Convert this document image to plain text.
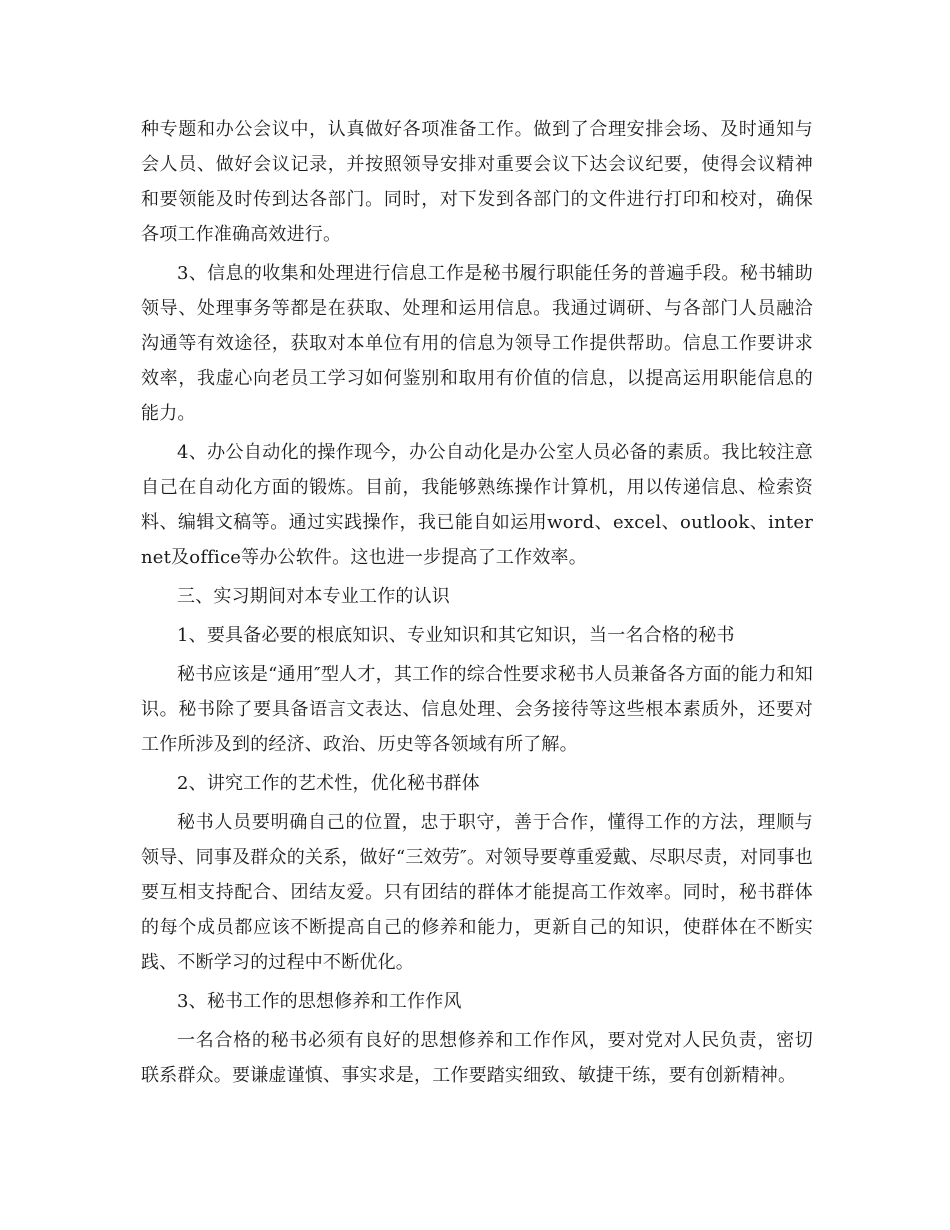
种专题和办公会议中，认真做好各项准备工作。做到了合理安排会场、及时通知与会人员、做好会议记录，并按照领导安排对重要会议下达会议纪要，使得会议精神和要领能及时传到达各部门。同时，对下发到各部门的文件进行打印和校对，确保各项工作准确高效进行。

3、信息的收集和处理进行信息工作是秘书履行职能任务的普遍手段。秘书辅助领导、处理事务等都是在获取、处理和运用信息。我通过调研、与各部门人员融洽沟通等有效途径，获取对本单位有用的信息为领导工作提供帮助。信息工作要讲求效率，我虚心向老员工学习如何鉴别和取用有价值的信息，以提高运用职能信息的能力。

4、办公自动化的操作现今，办公自动化是办公室人员必备的素质。我比较注意自己在自动化方面的锻炼。目前，我能够熟练操作计算机，用以传递信息、检索资料、编辑文稿等。通过实践操作，我已能自如运用word、excel、outlook、internet及office等办公软件。这也进一步提高了工作效率。

三、实习期间对本专业工作的认识

1、要具备必要的根底知识、专业知识和其它知识，当一名合格的秘书

秘书应该是“通用″型人才，其工作的综合性要求秘书人员兼备各方面的能力和知识。秘书除了要具备语言文表达、信息处理、会务接待等这些根本素质外，还要对工作所涉及到的经济、政治、历史等各领域有所了解。

2、讲究工作的艺术性，优化秘书群体

秘书人员要明确自己的位置，忠于职守，善于合作，懂得工作的方法，理顺与领导、同事及群众的关系，做好“三效劳″。对领导要尊重爱戴、尽职尽责，对同事也要互相支持配合、团结友爱。只有团结的群体才能提高工作效率。同时，秘书群体的每个成员都应该不断提高自己的修养和能力，更新自己的知识，使群体在不断实践、不断学习的过程中不断优化。

3、秘书工作的思想修养和工作作风

一名合格的秘书必须有良好的思想修养和工作作风，要对党对人民负责，密切联系群众。要谦虚谨慎、事实求是，工作要踏实细致、敏捷干练，要有创新精神。
